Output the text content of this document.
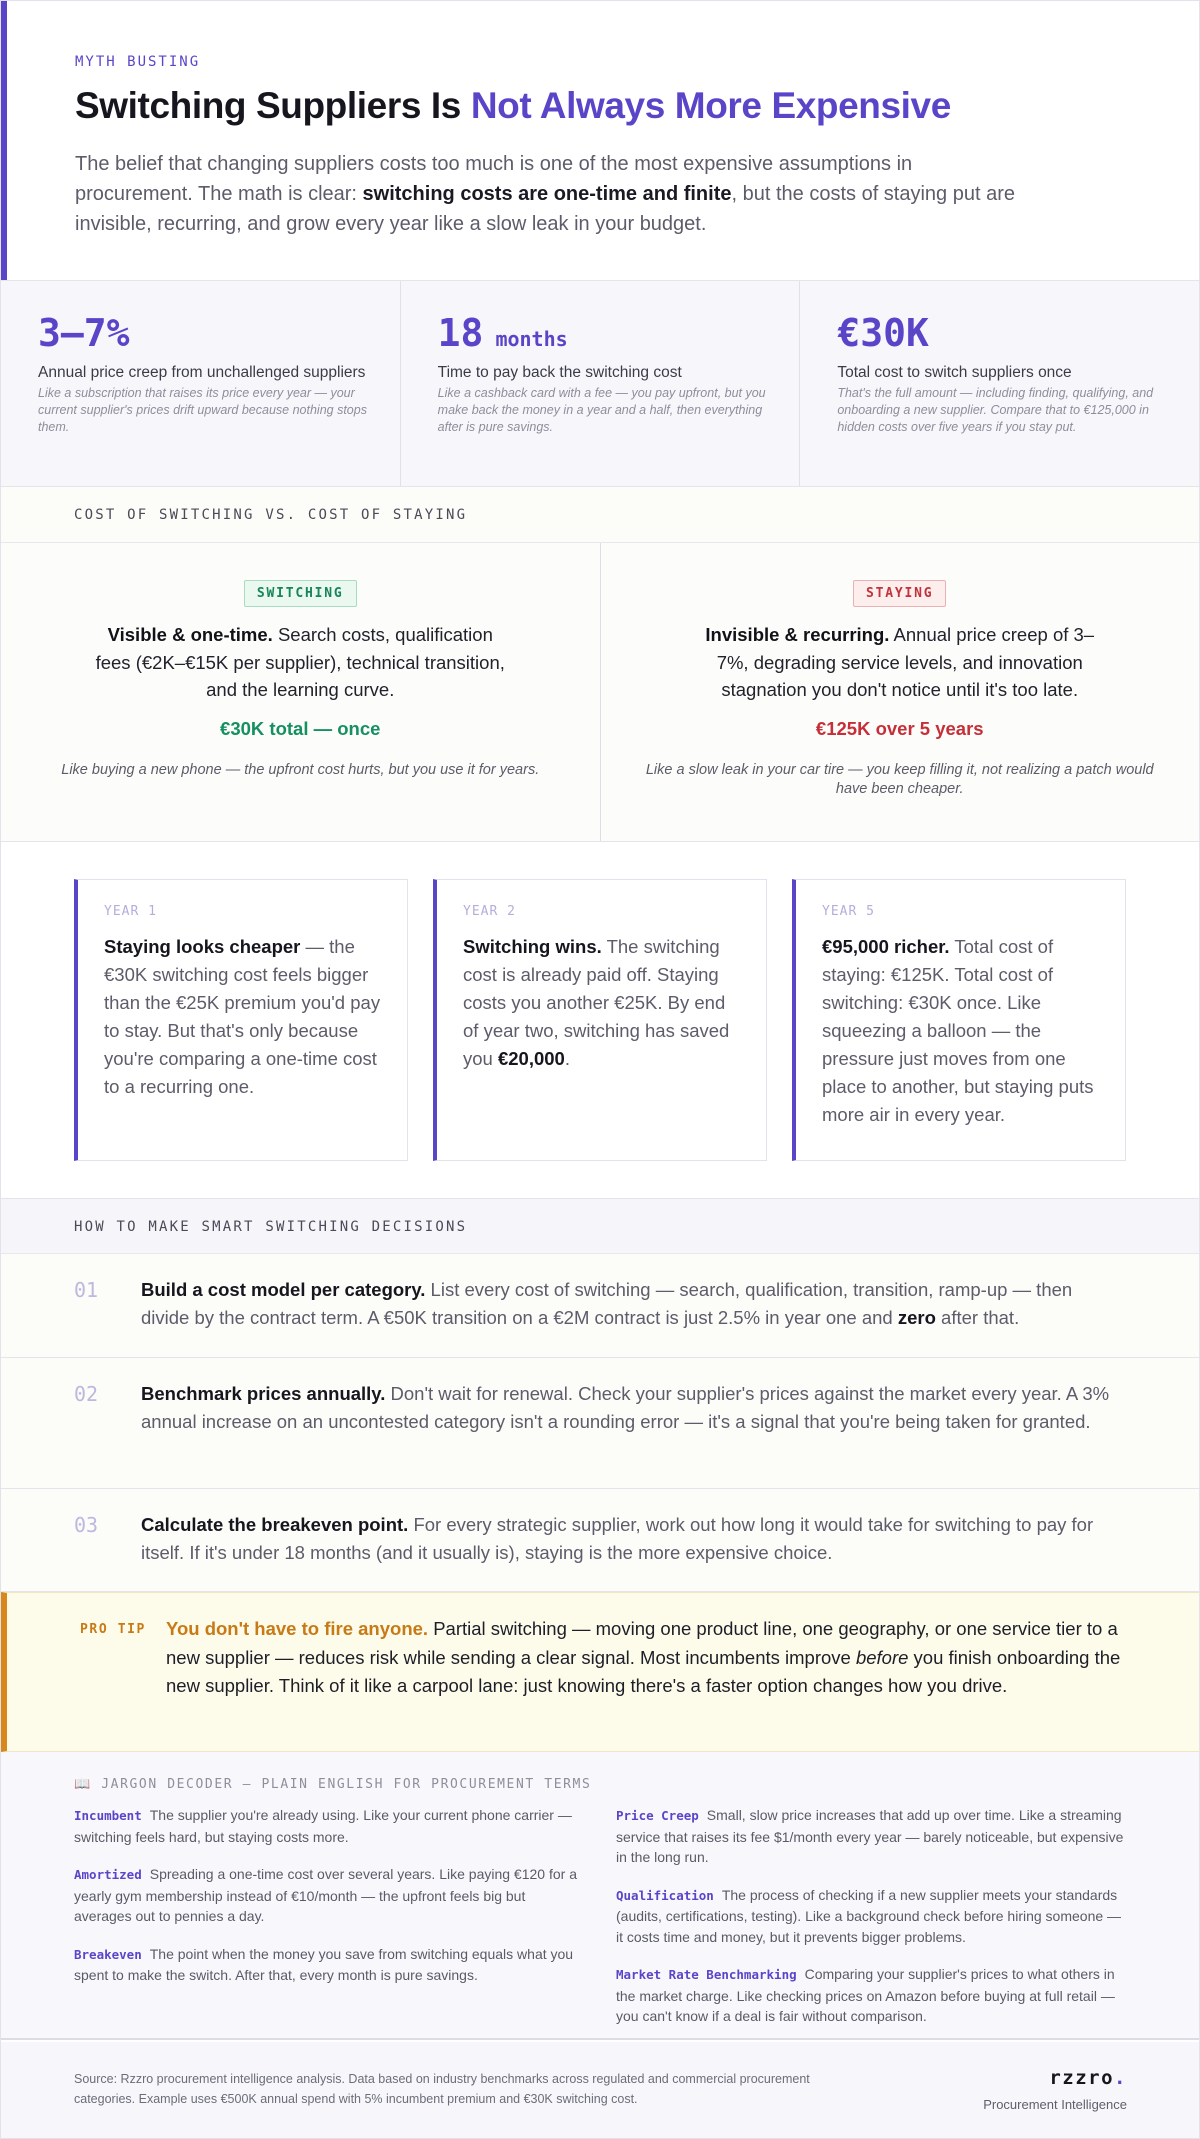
MYTH BUSTING
Switching Suppliers Is Not Always More Expensive

The belief that changing suppliers costs too much is one of the most expensive assumptions in procurement. The math is clear: switching costs are one-time and finite, but the costs of staying put are invisible, recurring, and grow every year like a slow leak in your budget.

3–7%
Annual price creep from unchallenged suppliers
Like a subscription that raises its price every year — your current supplier's prices drift upward because nothing stops them.
18 months
Time to pay back the switching cost
Like a cashback card with a fee — you pay upfront, but you make back the money in a year and a half, then everything after is pure savings.
€30K
Total cost to switch suppliers once
That's the full amount — including finding, qualifying, and onboarding a new supplier. Compare that to €125,000 in hidden costs over five years if you stay put.
COST OF SWITCHING VS. COST OF STAYING
SWITCHING

Visible & one-time. Search costs, qualification fees (€2K–€15K per supplier), technical transition, and the learning curve.

€30K total — once

Like buying a new phone — the upfront cost hurts, but you use it for years.

STAYING

Invisible & recurring. Annual price creep of 3–7%, degrading service levels, and innovation stagnation you don't notice until it's too late.

€125K over 5 years

Like a slow leak in your car tire — you keep filling it, not realizing a patch would have been cheaper.

YEAR 1

Staying looks cheaper — the €30K switching cost feels bigger than the €25K premium you'd pay to stay. But that's only because you're comparing a one-time cost to a recurring one.

YEAR 2

Switching wins. The switching cost is already paid off. Staying costs you another €25K. By end of year two, switching has saved you €20,000.

YEAR 5

€95,000 richer. Total cost of staying: €125K. Total cost of switching: €30K once. Like squeezing a balloon — the pressure just moves from one place to another, but staying puts more air in every year.

HOW TO MAKE SMART SWITCHING DECISIONS
01 Build a cost model per category. List every cost of switching — search, qualification, transition, ramp-up — then divide by the contract term. A €50K transition on a €2M contract is just 2.5% in year one and zero after that.

02 Benchmark prices annually. Don't wait for renewal. Check your supplier's prices against the market every year. A 3% annual increase on an uncontested category isn't a rounding error — it's a signal that you're being taken for granted.

03 Calculate the breakeven point. For every strategic supplier, work out how long it would take for switching to pay for itself. If it's under 18 months (and it usually is), staying is the more expensive choice.

PRO TIP You don't have to fire anyone. Partial switching — moving one product line, one geography, or one service tier to a new supplier — reduces risk while sending a clear signal. Most incumbents improve before you finish onboarding the new supplier. Think of it like a carpool lane: just knowing there's a faster option changes how you drive.

📖 JARGON DECODER — PLAIN ENGLISH FOR PROCUREMENT TERMS

Incumbent The supplier you're already using. Like your current phone carrier — switching feels hard, but staying costs more.

Amortized Spreading a one-time cost over several years. Like paying €120 for a yearly gym membership instead of €10/month — the upfront feels big but averages out to pennies a day.

Breakeven The point when the money you save from switching equals what you spent to make the switch. After that, every month is pure savings.

Price Creep Small, slow price increases that add up over time. Like a streaming service that raises its fee $1/month every year — barely noticeable, but expensive in the long run.

Qualification The process of checking if a new supplier meets your standards (audits, certifications, testing). Like a background check before hiring someone — it costs time and money, but it prevents bigger problems.

Market Rate Benchmarking Comparing your supplier's prices to what others in the market charge. Like checking prices on Amazon before buying at full retail — you can't know if a deal is fair without comparison.

Source: Rzzro procurement intelligence analysis. Data based on industry benchmarks across regulated and commercial procurement categories. Example uses €500K annual spend with 5% incumbent premium and €30K switching cost.

rzzro.
Procurement Intelligence
